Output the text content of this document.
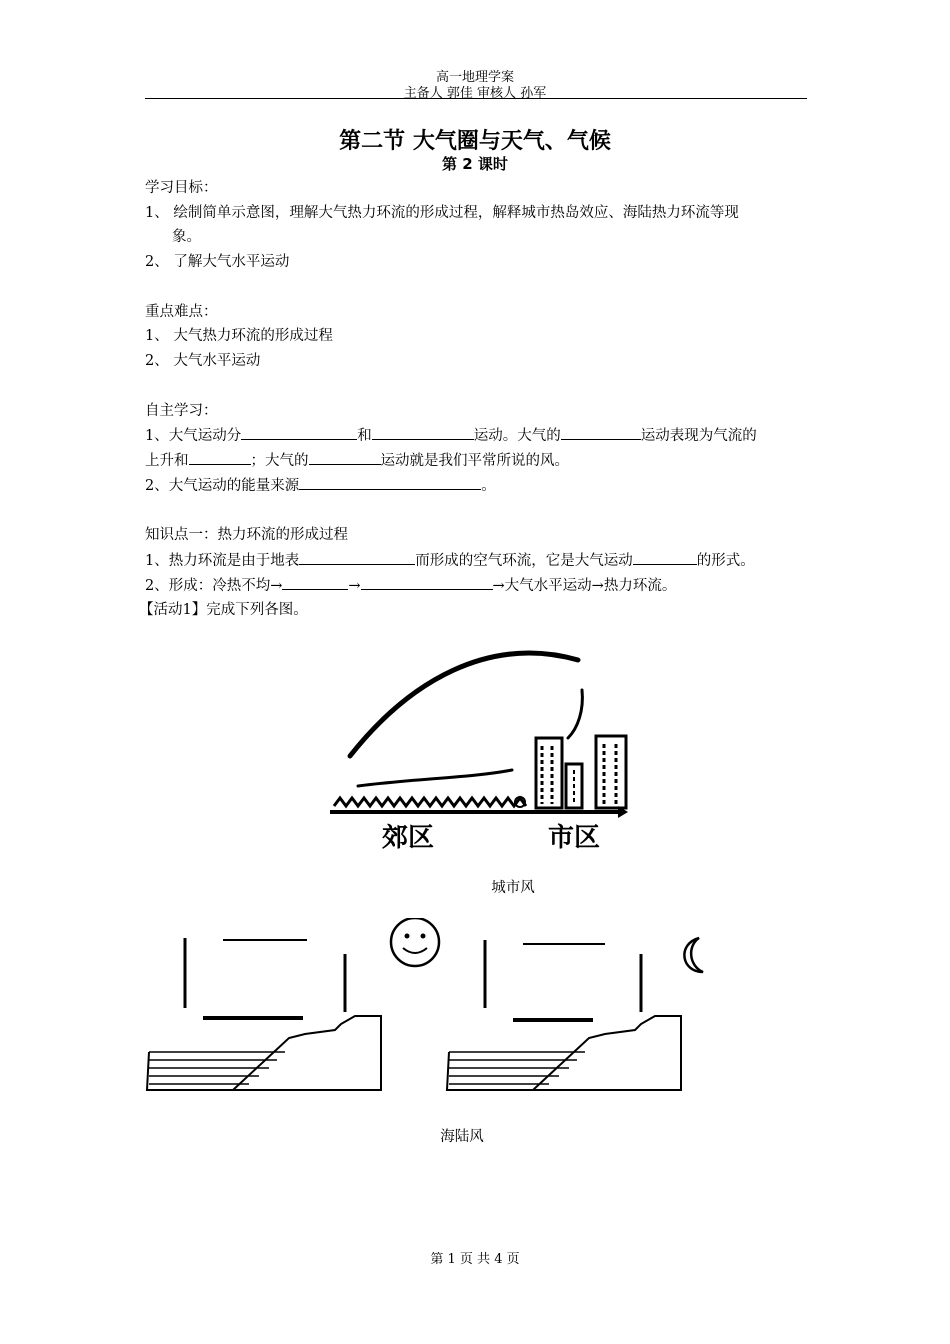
高一地理学案
主备人 郭佳 审核人 孙军
第二节 大气圈与天气、气候
第 2 课时
学习目标：
1、 绘制简单示意图，理解大气热力环流的形成过程，解释城市热岛效应、海陆热力环流等现
象。
2、 了解大气水平运动
重点难点：
1、 大气热力环流的形成过程
2、 大气水平运动
自主学习：
1、大气运动分	和	运动。大气的	运动表现为气流的
上升和	；大气的	运动就是我们平常所说的风。
2、大气运动的能量来源	。
知识点一：热力环流的形成过程
1、热力环流是由于地表	而形成的空气环流，它是大气运动	的形式。
2、形成：冷热不均→	→	→大气水平运动→热力环流。
【活动1】完成下列各图。
郊区	市区
城市风
海陆风
第 1 页 共 4 页
